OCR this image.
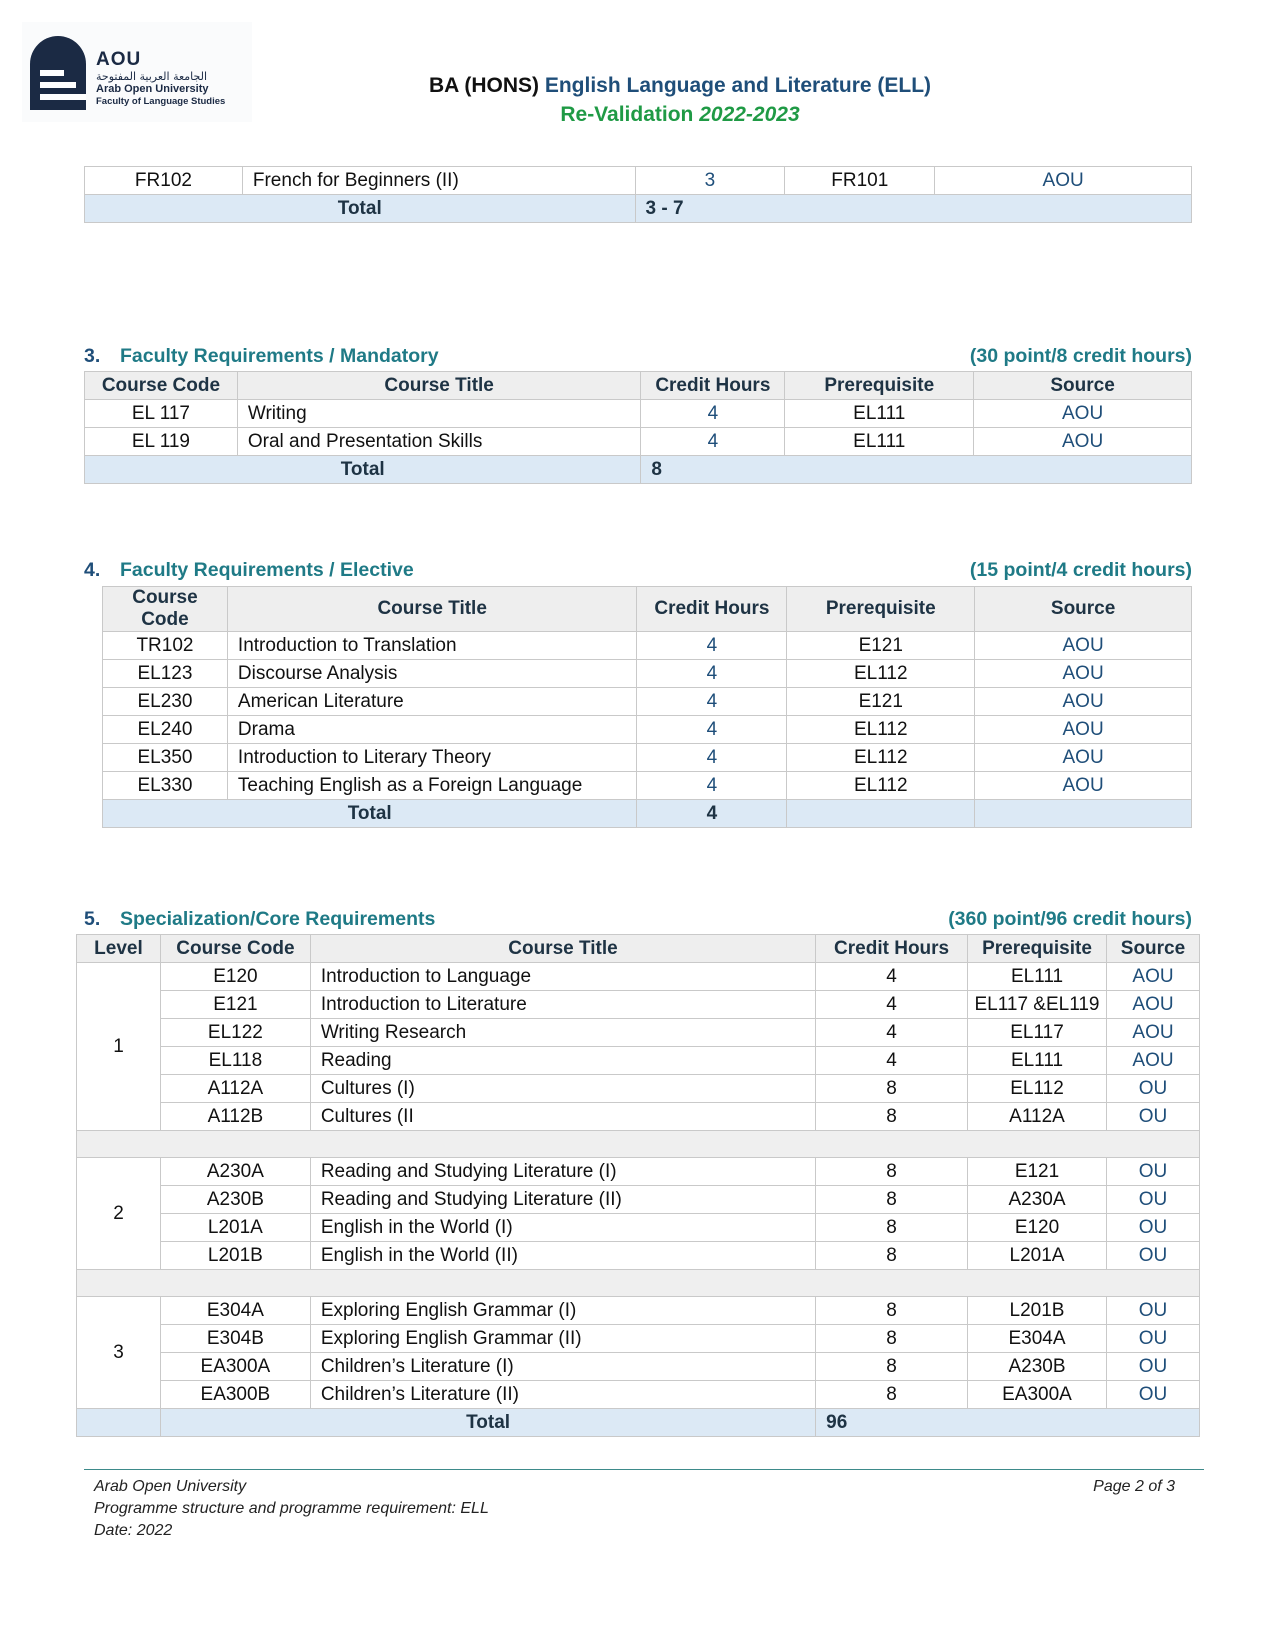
AOU
الجامعة العربية المفتوحة
Arab Open University
Faculty of Language Studies
BA (HONS) English Language and Literature (ELL)
Re-Validation 2022-2023
FR102	French for Beginners (II)	3	FR101	AOU
Total		3 - 7		
3. Faculty Requirements / Mandatory	(30 point/8 credit hours)
Course Code	Course Title	Credit Hours	Prerequisite	Source
EL 117	Writing	4	EL111	AOU
EL 119	Oral and Presentation Skills	4	EL111	AOU
Total		8		
4. Faculty Requirements / Elective	(15 point/4 credit hours)
Course Code	Course Title	Credit Hours	Prerequisite	Source
TR102	Introduction to Translation	4	E121	AOU
EL123	Discourse Analysis	4	EL112	AOU
EL230	American Literature	4	E121	AOU
EL240	Drama	4	EL112	AOU
EL350	Introduction to Literary Theory	4	EL112	AOU
EL330	Teaching English as a Foreign Language	4	EL112	AOU
Total		4		
5. Specialization/Core Requirements	(360 point/96 credit hours)
Level	Course Code	Course Title	Credit Hours	Prerequisite	Source
1	E120	Introduction to Language	4	EL111	AOU
	E121	Introduction to Literature	4	EL117 &EL119	AOU
	EL122	Writing Research	4	EL117	AOU
	EL118	Reading	4	EL111	AOU
	A112A	Cultures (I)	8	EL112	OU
	A112B	Cultures (II	8	A112A	OU

2	A230A	Reading and Studying Literature (I)	8	E121	OU
	A230B	Reading and Studying Literature (II)	8	A230A	OU
	L201A	English in the World (I)	8	E120	OU
	L201B	English in the World (II)	8	L201A	OU

3	E304A	Exploring English Grammar (I)	8	L201B	OU
	E304B	Exploring English Grammar (II)	8	E304A	OU
	EA300A	Children’s Literature (I)	8	A230B	OU
	EA300B	Children’s Literature (II)	8	EA300A	OU
	Total		96		
Arab Open University
Programme structure and programme requirement: ELL
Date: 2022
Page 2 of 3
